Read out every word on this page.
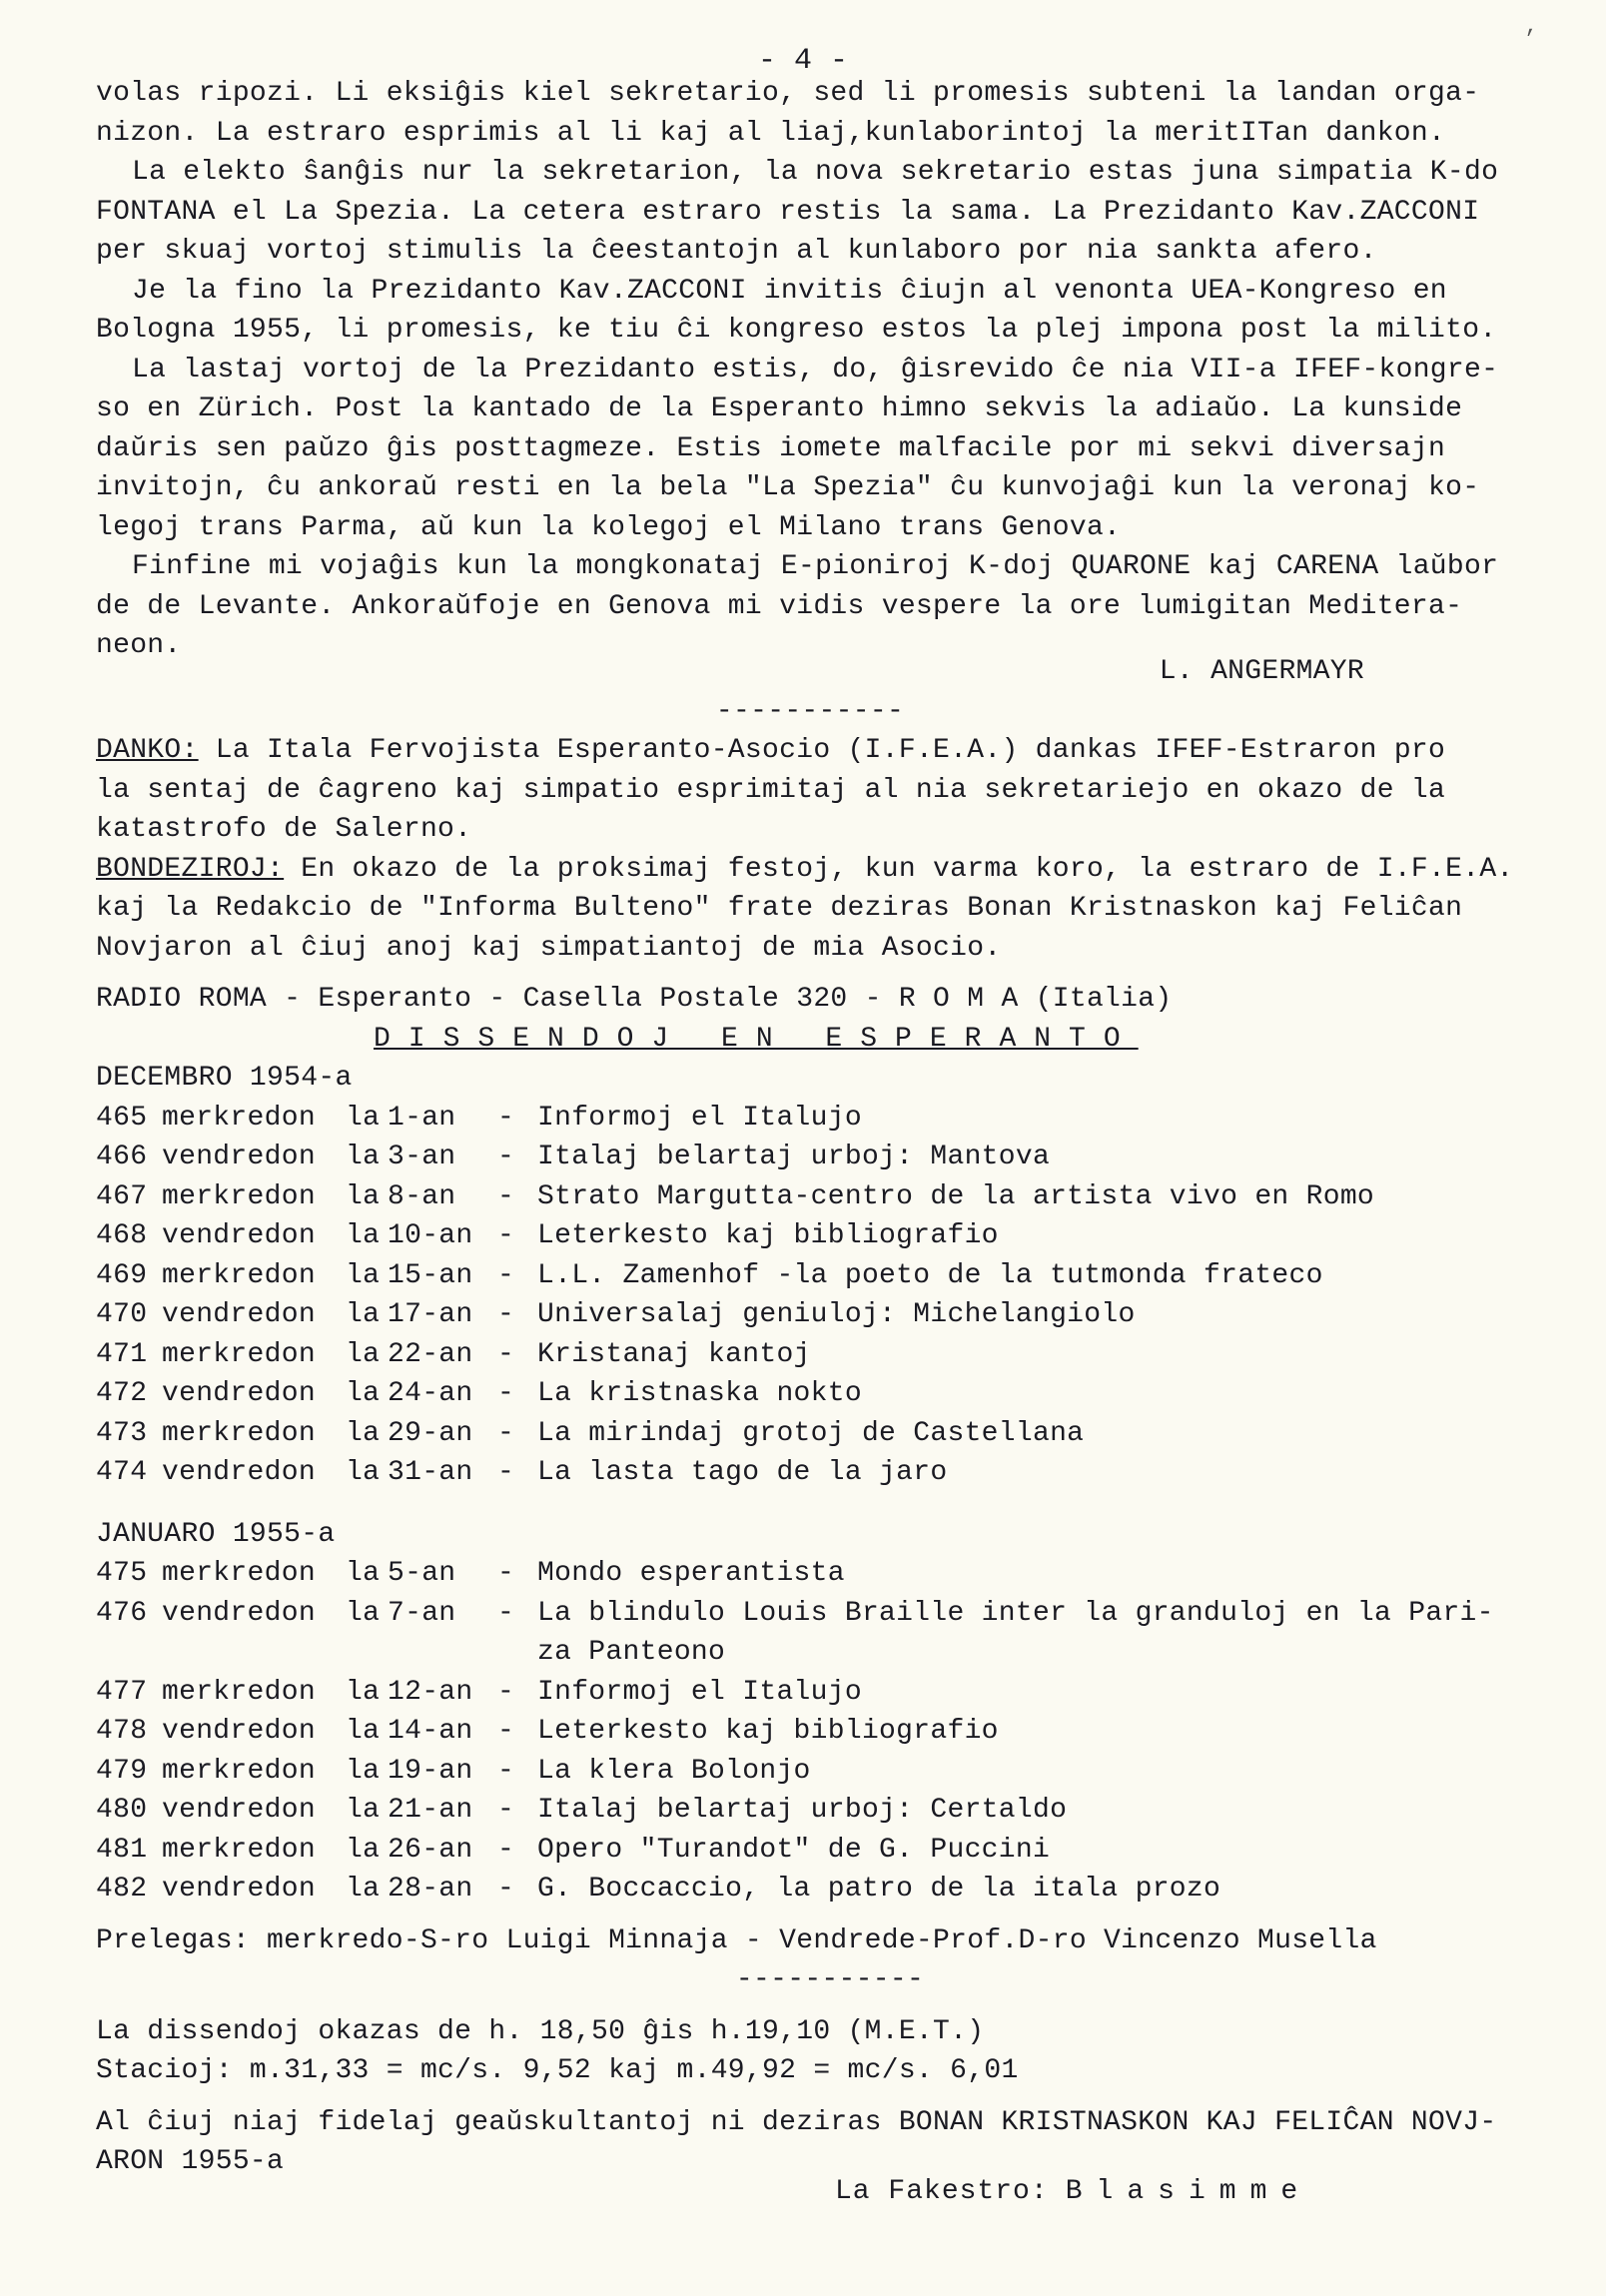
,
- 4 -
volas ripozi. Li eksiĝis kiel sekretario, sed li promesis subteni la landan orga-
nizon. La estraro esprimis al li kaj al liaj,kunlaborintoj la meritITan dankon.
La elekto ŝanĝis nur la sekretarion, la nova sekretario estas juna simpatia K-do
FONTANA el La Spezia. La cetera estraro restis la sama. La Prezidanto Kav.ZACCONI
per skuaj vortoj stimulis la ĉeestantojn al kunlaboro por nia sankta afero.
Je la fino la Prezidanto Kav.ZACCONI invitis ĉiujn al venonta UEA-Kongreso en
Bologna 1955, li promesis, ke tiu ĉi kongreso estos la plej impona post la milito.
La lastaj vortoj de la Prezidanto estis, do, ĝisrevido ĉe nia VII-a IFEF-kongre-
so en Zürich. Post la kantado de la Esperanto himno sekvis la adiaŭo. La kunside
daŭris sen paŭzo ĝis posttagmeze. Estis iomete malfacile por mi sekvi diversajn
invitojn, ĉu ankoraŭ resti en la bela "La Spezia" ĉu kunvojaĝi kun la veronaj ko-
legoj trans Parma, aŭ kun la kolegoj el Milano trans Genova.
Finfine mi vojaĝis kun la mongkonataj E-pioniroj K-doj QUARONE kaj CARENA laŭbor
de de Levante. Ankoraŭfoje en Genova mi vidis vespere la ore lumigitan Meditera-
neon.
L. ANGERMAYR
-----------
DANKO: La Itala Fervojista Esperanto-Asocio (I.F.E.A.) dankas IFEF-Estraron pro
la sentaj de ĉagreno kaj simpatio esprimitaj al nia sekretariejo en okazo de la
katastrofo de Salerno.
BONDEZIROJ: En okazo de la proksimaj festoj, kun varma koro, la estraro de I.F.E.A.
kaj la Redakcio de "Informa Bulteno" frate deziras Bonan Kristnaskon kaj Feliĉan
Novjaron al ĉiuj anoj kaj simpatiantoj de mia Asocio.
RADIO ROMA - Esperanto - Casella Postale 320 - R O M A (Italia)
DISSENDOJ EN ESPERANTO
DECEMBRO 1954-a
465	merkredon	la	1-an	-	Informoj el Italujo
466	vendredon	la	3-an	-	Italaj belartaj urboj: Mantova
467	merkredon	la	8-an	-	Strato Margutta-centro de la artista vivo en Romo
468	vendredon	la	10-an	-	Leterkesto kaj bibliografio
469	merkredon	la	15-an	-	L.L. Zamenhof -la poeto de la tutmonda frateco
470	vendredon	la	17-an	-	Universalaj geniuloj: Michelangiolo
471	merkredon	la	22-an	-	Kristanaj kantoj
472	vendredon	la	24-an	-	La kristnaska nokto
473	merkredon	la	29-an	-	La mirindaj grotoj de Castellana
474	vendredon	la	31-an	-	La lasta tago de la jaro
JANUARO 1955-a
475	merkredon	la	5-an	-	Mondo esperantista
476	vendredon	la	7-an	-	La blindulo Louis Braille inter la granduloj en la Pari-
					za Panteono
477	merkredon	la	12-an	-	Informoj el Italujo
478	vendredon	la	14-an	-	Leterkesto kaj bibliografio
479	merkredon	la	19-an	-	La klera Bolonjo
480	vendredon	la	21-an	-	Italaj belartaj urboj: Certaldo
481	merkredon	la	26-an	-	Opero "Turandot" de G. Puccini
482	vendredon	la	28-an	-	G. Boccaccio, la patro de la itala prozo
Prelegas: merkredo-S-ro Luigi Minnaja - Vendrede-Prof.D-ro Vincenzo Musella
-----------
La dissendoj okazas de h. 18,50 ĝis h.19,10 (M.E.T.)
Stacioj: m.31,33 = mc/s. 9,52 kaj m.49,92 = mc/s. 6,01
Al ĉiuj niaj fidelaj geaŭskultantoj ni deziras BONAN KRISTNASKON KAJ FELIĈAN NOVJ-
ARON 1955-a
La Fakestro: Blasimme
